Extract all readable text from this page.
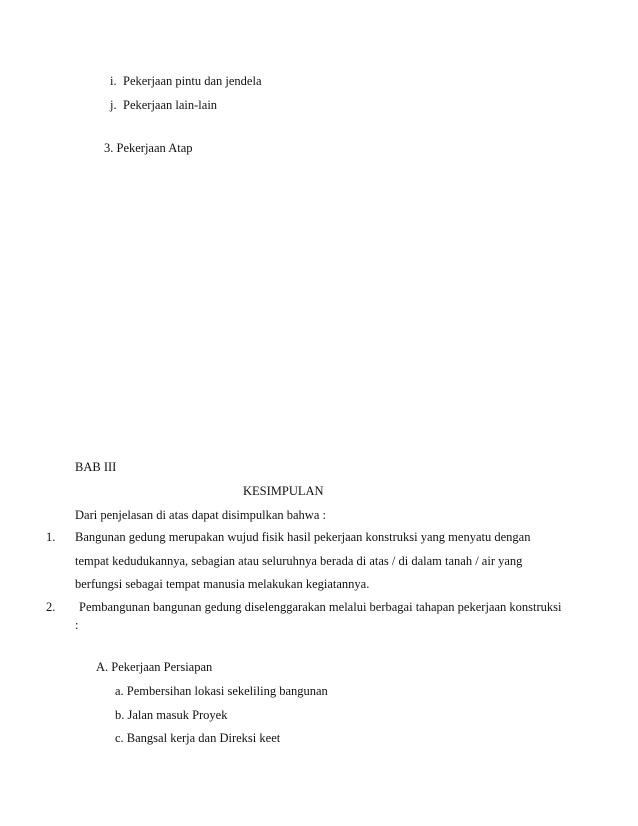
i. Pekerjaan pintu dan jendela
j. Pekerjaan lain-lain
3. Pekerjaan Atap
BAB III
KESIMPULAN
Dari penjelasan di atas dapat disimpulkan bahwa :
1. Bangunan gedung merupakan wujud fisik hasil pekerjaan konstruksi yang menyatu dengan
tempat kedudukannya, sebagian atau seluruhnya berada di atas / di dalam tanah / air yang
berfungsi sebagai tempat manusia melakukan kegiatannya.
2. Pembangunan bangunan gedung diselenggarakan melalui berbagai tahapan pekerjaan konstruksi
:
A. Pekerjaan Persiapan
a. Pembersihan lokasi sekeliling bangunan
b. Jalan masuk Proyek
c. Bangsal kerja dan Direksi keet
